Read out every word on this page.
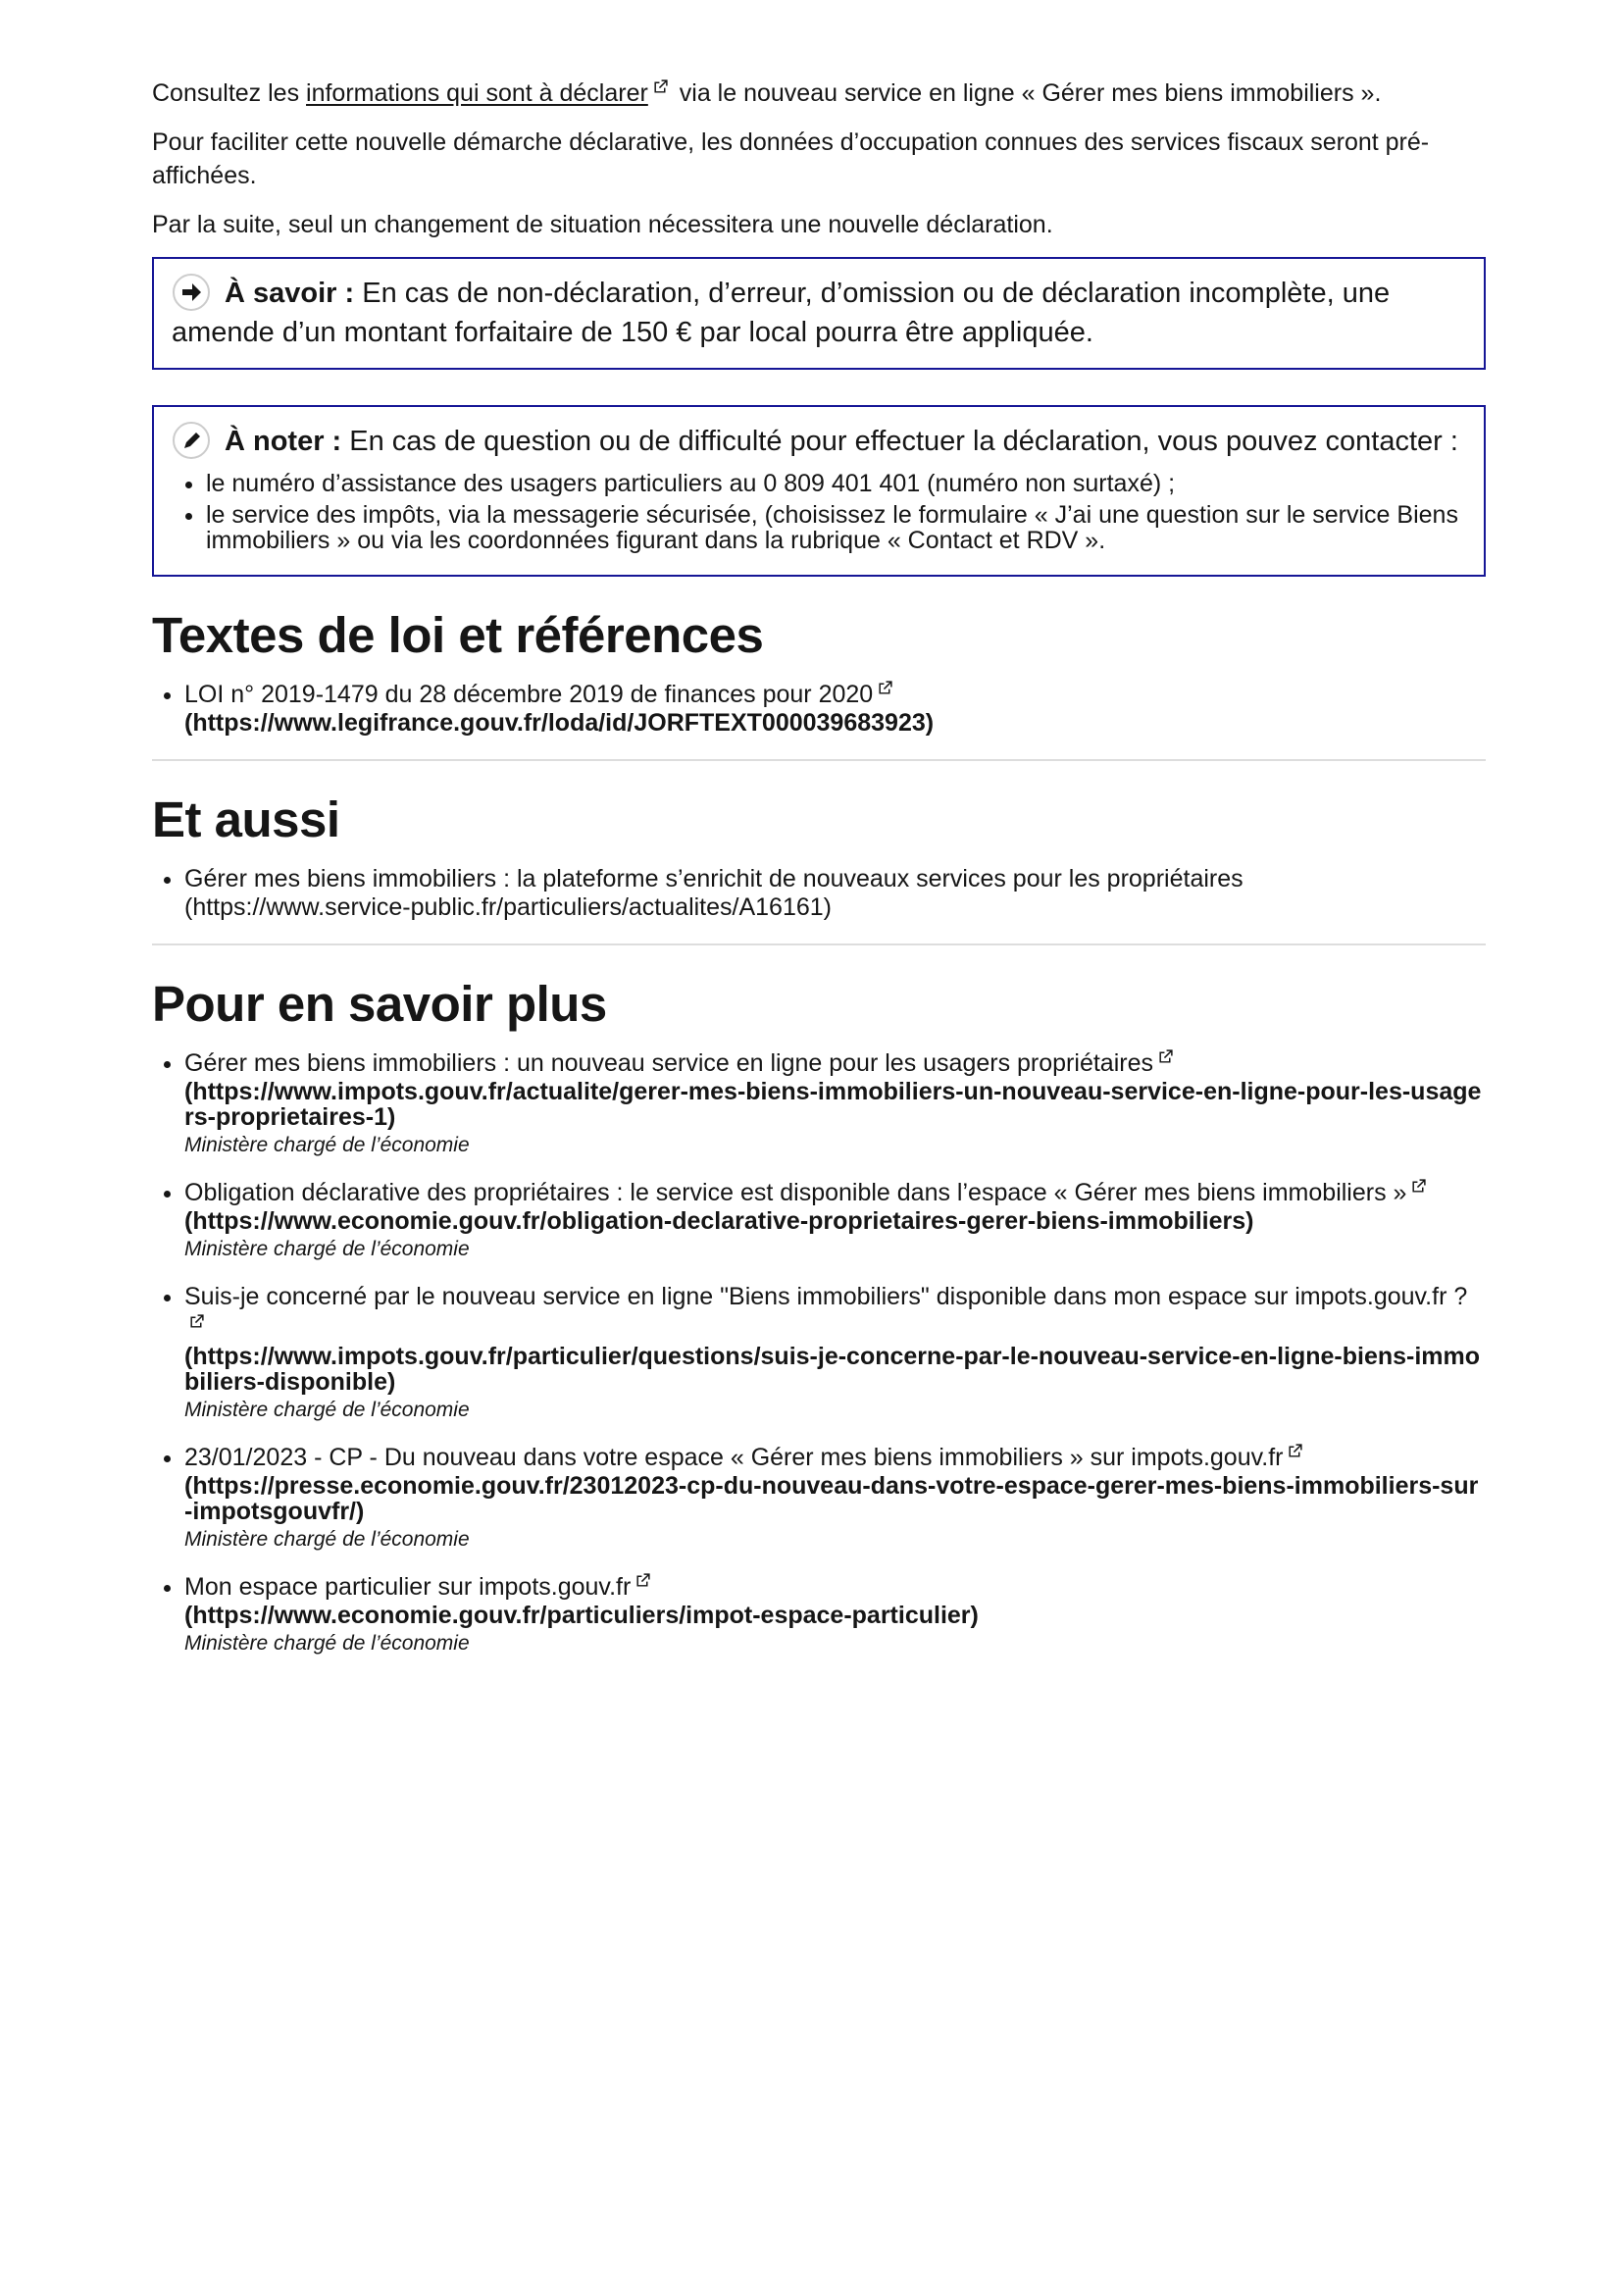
Consultez les informations qui sont à déclarer
via le nouveau service en ligne « Gérer mes biens immobiliers ».

Pour faciliter cette nouvelle démarche déclarative, les données d’occupation connues des services fiscaux seront pré-affichées.

Par la suite, seul un changement de situation nécessitera une nouvelle déclaration.

À savoir : En cas de non-déclaration, d’erreur, d’omission ou de déclaration incomplète, une amende d’un montant forfaitaire de 150 € par local pourra être appliquée.
À noter : En cas de question ou de difficulté pour effectuer la déclaration, vous pouvez contacter :
• le numéro d’assistance des usagers particuliers au 0 809 401 401 (numéro non surtaxé) ;
• le service des impôts, via la messagerie sécurisée, (choisissez le formulaire « J’ai une question sur le service Biens immobiliers » ou via les coordonnées figurant dans la rubrique « Contact et RDV ».
Textes de loi et références
• LOI n° 2019-1479 du 28 décembre 2019 de finances pour 2020
(https://www.legifrance.gouv.fr/loda/id/JORFTEXT000039683923)
Et aussi
• Gérer mes biens immobiliers : la plateforme s’enrichit de nouveaux services pour les propriétaires
(https://www.service-public.fr/particuliers/actualites/A16161)
Pour en savoir plus
• Gérer mes biens immobiliers : un nouveau service en ligne pour les usagers propriétaires
(https://www.impots.gouv.fr/actualite/gerer-mes-biens-immobiliers-un-nouveau-service-en-ligne-pour-les-usagers-proprietaires-1)
Ministère chargé de l’économie
• Obligation déclarative des propriétaires : le service est disponible dans l’espace « Gérer mes biens immobiliers »
(https://www.economie.gouv.fr/obligation-declarative-proprietaires-gerer-biens-immobiliers)
Ministère chargé de l’économie
• Suis-je concerné par le nouveau service en ligne "Biens immobiliers" disponible dans mon espace sur impots.gouv.fr ?
(https://www.impots.gouv.fr/particulier/questions/suis-je-concerne-par-le-nouveau-service-en-ligne-biens-immobiliers-disponible)
Ministère chargé de l’économie
• 23/01/2023 - CP - Du nouveau dans votre espace « Gérer mes biens immobiliers » sur impots.gouv.fr
(https://presse.economie.gouv.fr/23012023-cp-du-nouveau-dans-votre-espace-gerer-mes-biens-immobiliers-sur-impotsgouvfr/)
Ministère chargé de l’économie
• Mon espace particulier sur impots.gouv.fr
(https://www.economie.gouv.fr/particuliers/impot-espace-particulier)
Ministère chargé de l’économie
